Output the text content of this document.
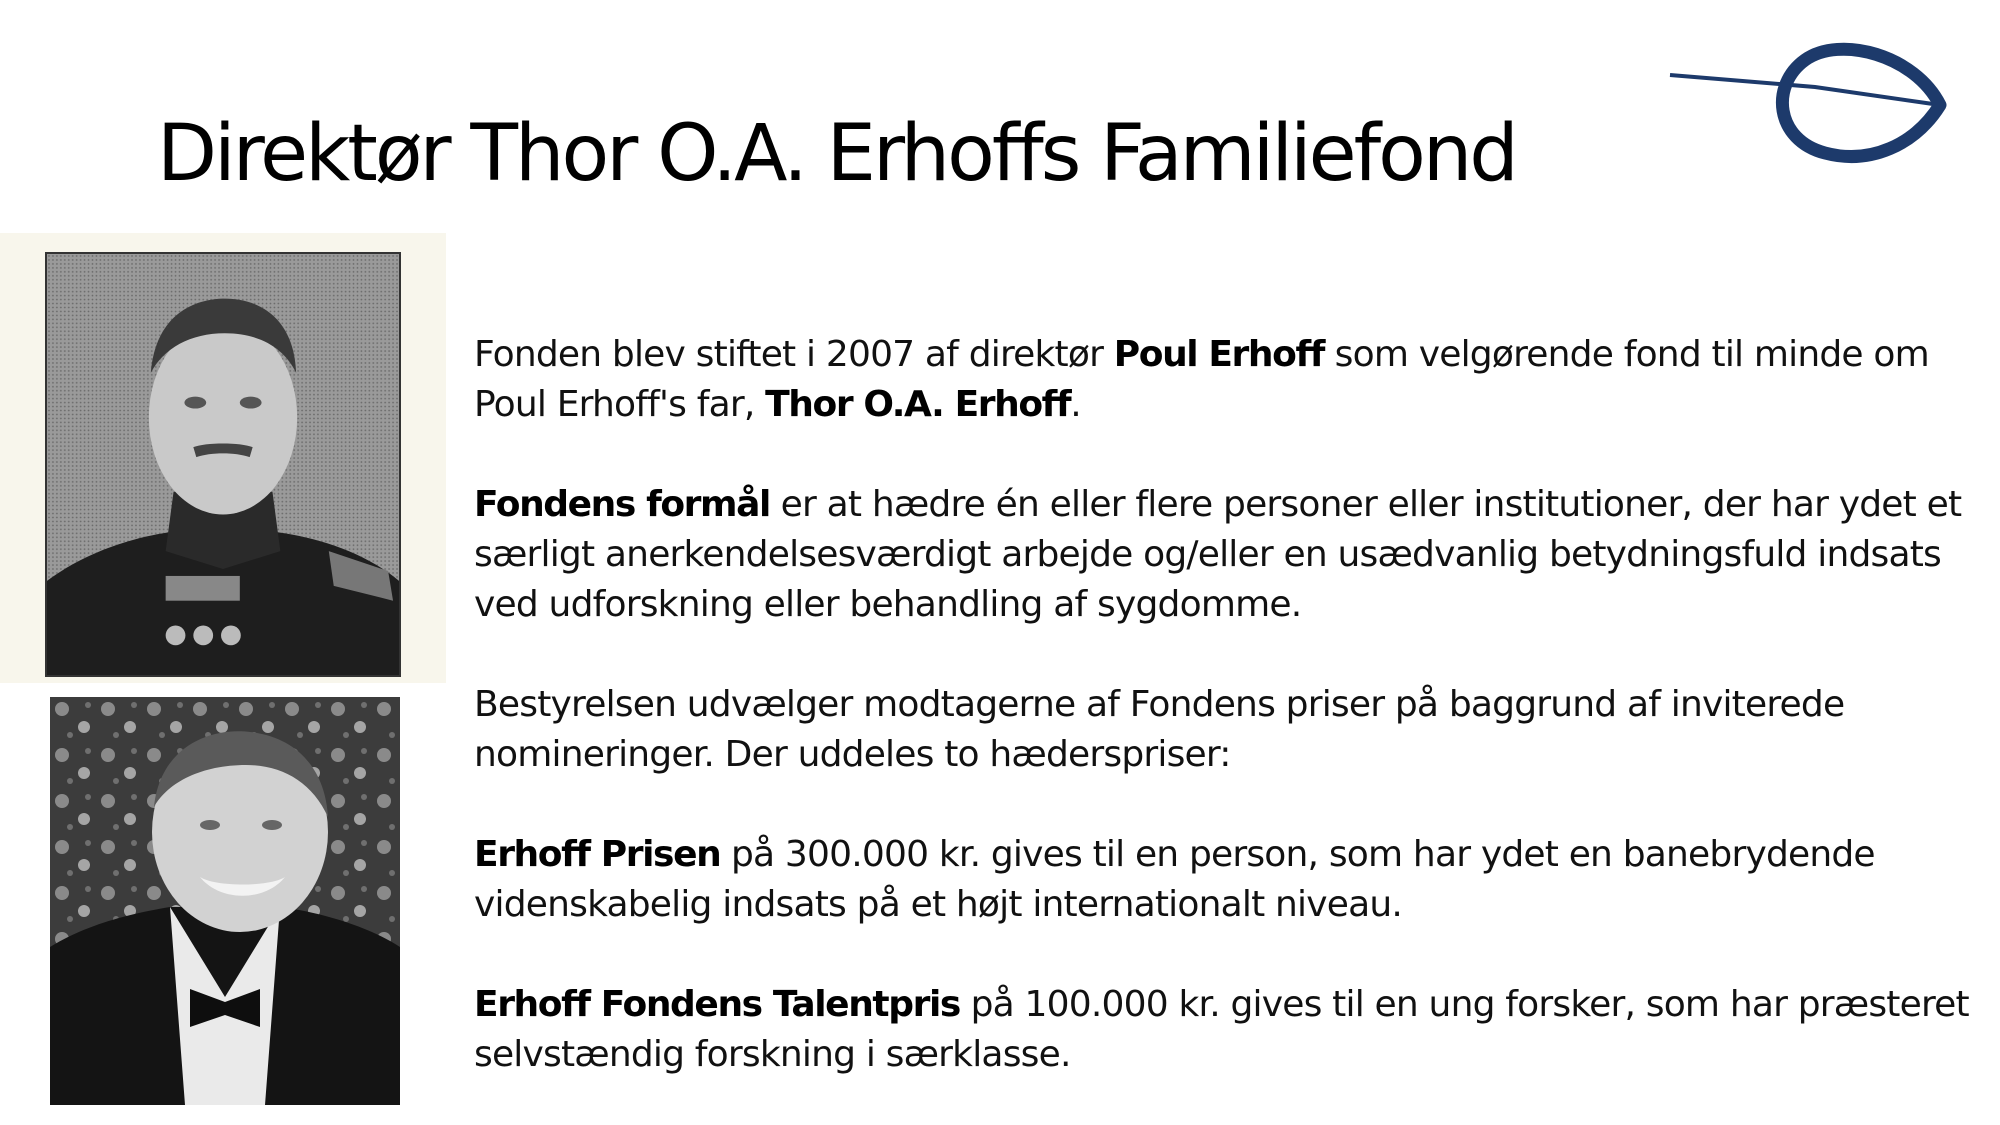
Direktør Thor O.A. Erhoffs Familiefond

Fonden blev stiftet i 2007 af direktør Poul Erhoff som velgørende fond til minde om Poul Erhoff's far, Thor O.A. Erhoff.

Fondens formål er at hædre én eller flere personer eller institutioner, der har ydet et særligt anerkendelsesværdigt arbejde og/eller en usædvanlig betydningsfuld indsats ved udforskning eller behandling af sygdomme.

Bestyrelsen udvælger modtagerne af Fondens priser på baggrund af inviterede nomineringer. Der uddeles to hæderspriser:

Erhoff Prisen på 300.000 kr. gives til en person, som har ydet en banebrydende videnskabelig indsats på et højt internationalt niveau.

Erhoff Fondens Talentpris på 100.000 kr. gives til en ung forsker, som har præsteret selvstændig forskning i særklasse.
